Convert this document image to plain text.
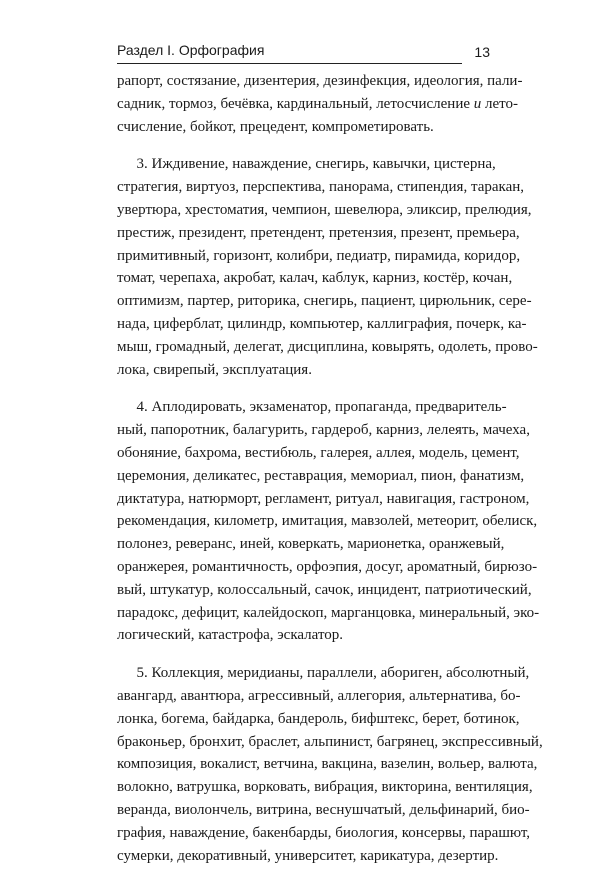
Раздел I. Орфография	13

рапорт, состязание, дизентерия, дезинфекция, идеология, пали-
садник, тормоз, бечёвка, кардинальный, летосчисление и лето-
счисление, бойкот, прецедент, компрометировать.

3. Иждивение, наваждение, снегирь, кавычки, цистерна,
стратегия, виртуоз, перспектива, панорама, стипендия, таракан,
увертюра, хрестоматия, чемпион, шевелюра, эликсир, прелюдия,
престиж, президент, претендент, претензия, презент, премьера,
примитивный, горизонт, колибри, педиатр, пирамида, коридор,
томат, черепаха, акробат, калач, каблук, карниз, костёр, кочан,
оптимизм, партер, риторика, снегирь, пациент, цирюльник, сере-
нада, циферблат, цилиндр, компьютер, каллиграфия, почерк, ка-
мыш, громадный, делегат, дисциплина, ковырять, одолеть, прово-
лока, свирепый, эксплуатация.

4. Аплодировать, экзаменатор, пропаганда, предваритель-
ный, папоротник, балагурить, гардероб, карниз, лелеять, мачеха,
обоняние, бахрома, вестибюль, галерея, аллея, модель, цемент,
церемония, деликатес, реставрация, мемориал, пион, фанатизм,
диктатура, натюрморт, регламент, ритуал, навигация, гастроном,
рекомендация, километр, имитация, мавзолей, метеорит, обелиск,
полонез, реверанс, иней, коверкать, марионетка, оранжевый,
оранжерея, романтичность, орфоэпия, досуг, ароматный, бирюзо-
вый, штукатур, колоссальный, сачок, инцидент, патриотический,
парадокс, дефицит, калейдоскоп, марганцовка, минеральный, эко-
логический, катастрофа, эскалатор.

5. Коллекция, меридианы, параллели, абориген, абсолютный,
авангард, авантюра, агрессивный, аллегория, альтернатива, бо-
лонка, богема, байдарка, бандероль, бифштекс, берет, ботинок,
браконьер, бронхит, браслет, альпинист, багрянец, экспрессивный,
композиция, вокалист, ветчина, вакцина, вазелин, вольер, валюта,
волокно, ватрушка, ворковать, вибрация, викторина, вентиляция,
веранда, виолончель, витрина, веснушчатый, дельфинарий, био-
графия, наваждение, бакенбарды, биология, консервы, парашют,
сумерки, декоративный, университет, карикатура, дезертир.
